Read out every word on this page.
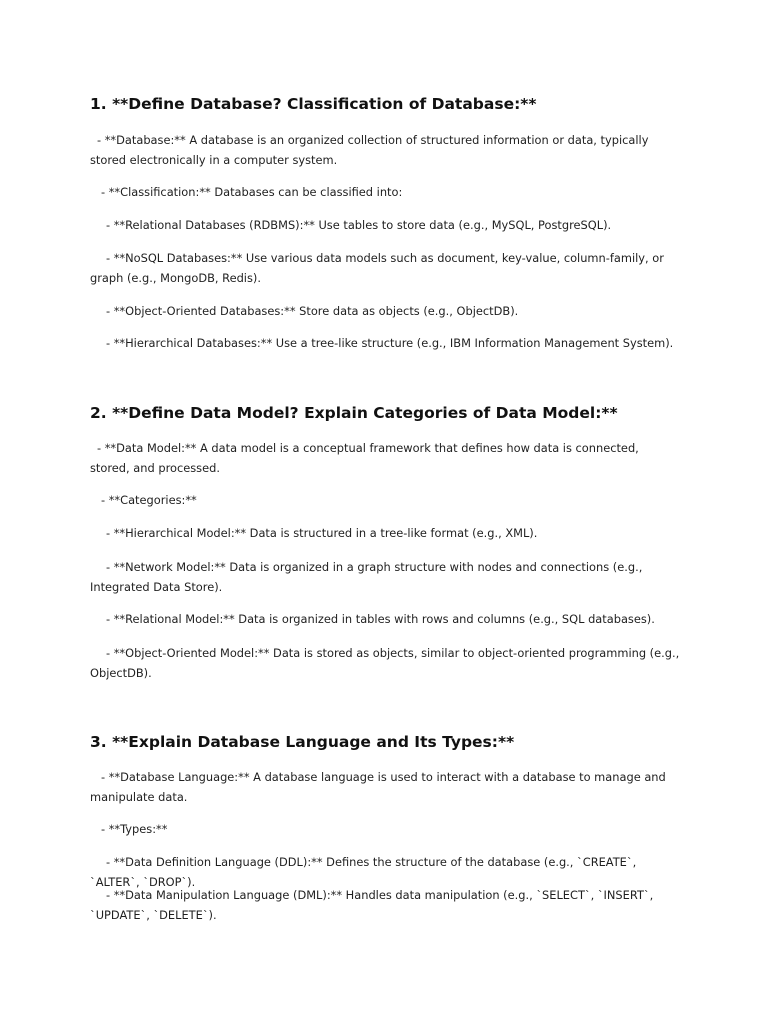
1. **Define Database? Classification of Database:**
- **Database:** A database is an organized collection of structured information or data, typically stored electronically in a computer system.
- **Classification:** Databases can be classified into:
- **Relational Databases (RDBMS):** Use tables to store data (e.g., MySQL, PostgreSQL).
- **NoSQL Databases:** Use various data models such as document, key-value, column-family, or graph (e.g., MongoDB, Redis).
- **Object-Oriented Databases:** Store data as objects (e.g., ObjectDB).
- **Hierarchical Databases:** Use a tree-like structure (e.g., IBM Information Management System).
2. **Define Data Model? Explain Categories of Data Model:**
- **Data Model:** A data model is a conceptual framework that defines how data is connected, stored, and processed.
- **Categories:**
- **Hierarchical Model:** Data is structured in a tree-like format (e.g., XML).
- **Network Model:** Data is organized in a graph structure with nodes and connections (e.g., Integrated Data Store).
- **Relational Model:** Data is organized in tables with rows and columns (e.g., SQL databases).
- **Object-Oriented Model:** Data is stored as objects, similar to object-oriented programming (e.g., ObjectDB).
3. **Explain Database Language and Its Types:**
- **Database Language:** A database language is used to interact with a database to manage and manipulate data.
- **Types:**
- **Data Definition Language (DDL):** Defines the structure of the database (e.g., `CREATE`, `ALTER`, `DROP`).
- **Data Manipulation Language (DML):** Handles data manipulation (e.g., `SELECT`, `INSERT`, `UPDATE`, `DELETE`).
